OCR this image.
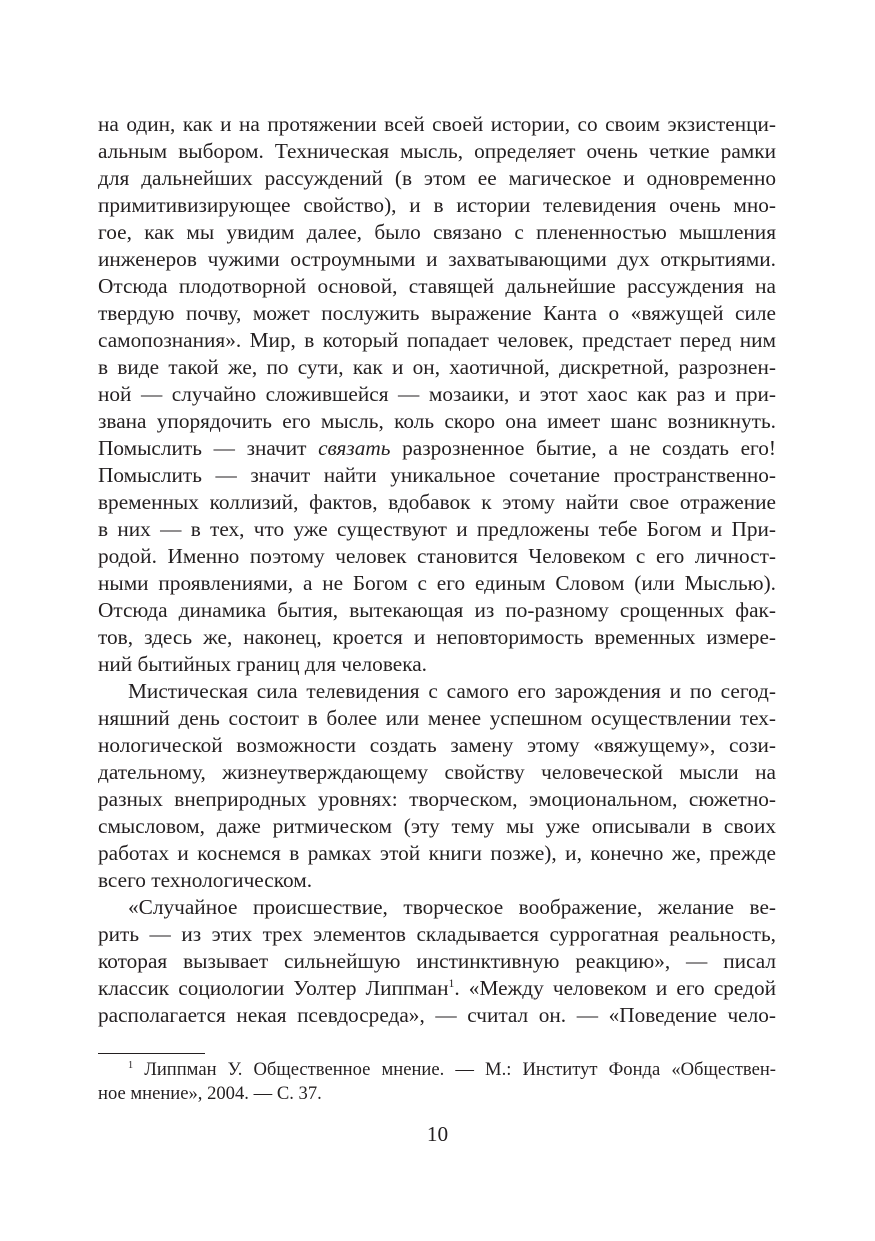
на один, как и на протяжении всей своей истории, со своим экзистенци-
альным выбором. Техническая мысль, определяет очень четкие рамки
для дальнейших рассуждений (в этом ее магическое и одновременно
примитивизирующее свойство), и в истории телевидения очень мно-
гое, как мы увидим далее, было связано с плененностью мышления
инженеров чужими остроумными и захватывающими дух открытиями.
Отсюда плодотворной основой, ставящей дальнейшие рассуждения на
твердую почву, может послужить выражение Канта о «вяжущей силе
самопознания». Мир, в который попадает человек, предстает перед ним
в виде такой же, по сути, как и он, хаотичной, дискретной, разрознен-
ной — случайно сложившейся — мозаики, и этот хаос как раз и при-
звана упорядочить его мысль, коль скоро она имеет шанс возникнуть.
Помыслить — значит связать разрозненное бытие, а не создать его!
Помыслить — значит найти уникальное сочетание пространственно-
временных коллизий, фактов, вдобавок к этому найти свое отражение
в них — в тех, что уже существуют и предложены тебе Богом и При-
родой. Именно поэтому человек становится Человеком с его личност-
ными проявлениями, а не Богом с его единым Словом (или Мыслью).
Отсюда динамика бытия, вытекающая из по-разному срощенных фак-
тов, здесь же, наконец, кроется и неповторимость временных измере-
ний бытийных границ для человека.
Мистическая сила телевидения с самого его зарождения и по сегод-
няшний день состоит в более или менее успешном осуществлении тех-
нологической возможности создать замену этому «вяжущему», сози-
дательному, жизнеутверждающему свойству человеческой мысли на
разных внеприродных уровнях: творческом, эмоциональном, сюжетно-
смысловом, даже ритмическом (эту тему мы уже описывали в своих
работах и коснемся в рамках этой книги позже), и, конечно же, прежде
всего технологическом.
«Случайное происшествие, творческое воображение, желание ве-
рить — из этих трех элементов складывается суррогатная реальность,
которая вызывает сильнейшую инстинктивную реакцию», — писал
классик социологии Уолтер Липпман$^1$. «Между человеком и его средой
располагается некая псевдосреда», — считал он. — «Поведение чело-
$^1$ Липпман У. Общественное мнение. — М.: Институт Фонда «Обществен-
ное мнение», 2004. — С. 37.
10
